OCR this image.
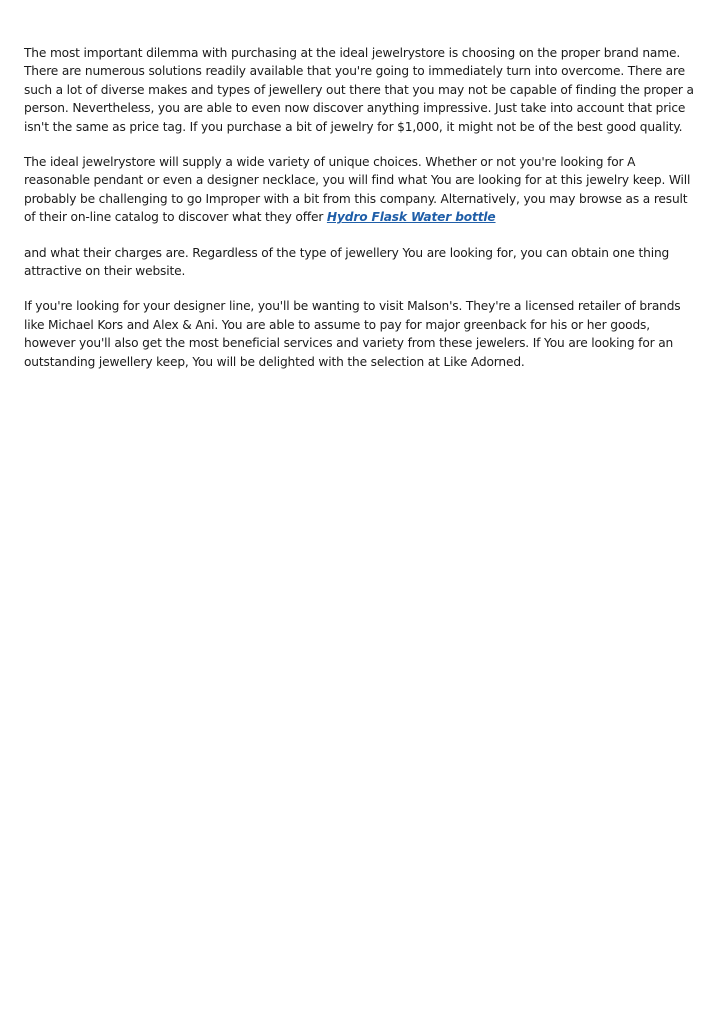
The most important dilemma with purchasing at the ideal jewelrystore is choosing on the proper brand name. There are numerous solutions readily available that you're going to immediately turn into overcome. There are such a lot of diverse makes and types of jewellery out there that you may not be capable of finding the proper a person. Nevertheless, you are able to even now discover anything impressive. Just take into account that price isn't the same as price tag. If you purchase a bit of jewelry for $1,000, it might not be of the best good quality.

The ideal jewelrystore will supply a wide variety of unique choices. Whether or not you're looking for A reasonable pendant or even a designer necklace, you will find what You are looking for at this jewelry keep. Will probably be challenging to go Improper with a bit from this company. Alternatively, you may browse as a result of their on-line catalog to discover what they offer Hydro Flask Water bottle

and what their charges are. Regardless of the type of jewellery You are looking for, you can obtain one thing attractive on their website.

If you're looking for your designer line, you'll be wanting to visit Malson's. They're a licensed retailer of brands like Michael Kors and Alex & Ani. You are able to assume to pay for major greenback for his or her goods, however you'll also get the most beneficial services and variety from these jewelers. If You are looking for an outstanding jewellery keep, You will be delighted with the selection at Like Adorned.
